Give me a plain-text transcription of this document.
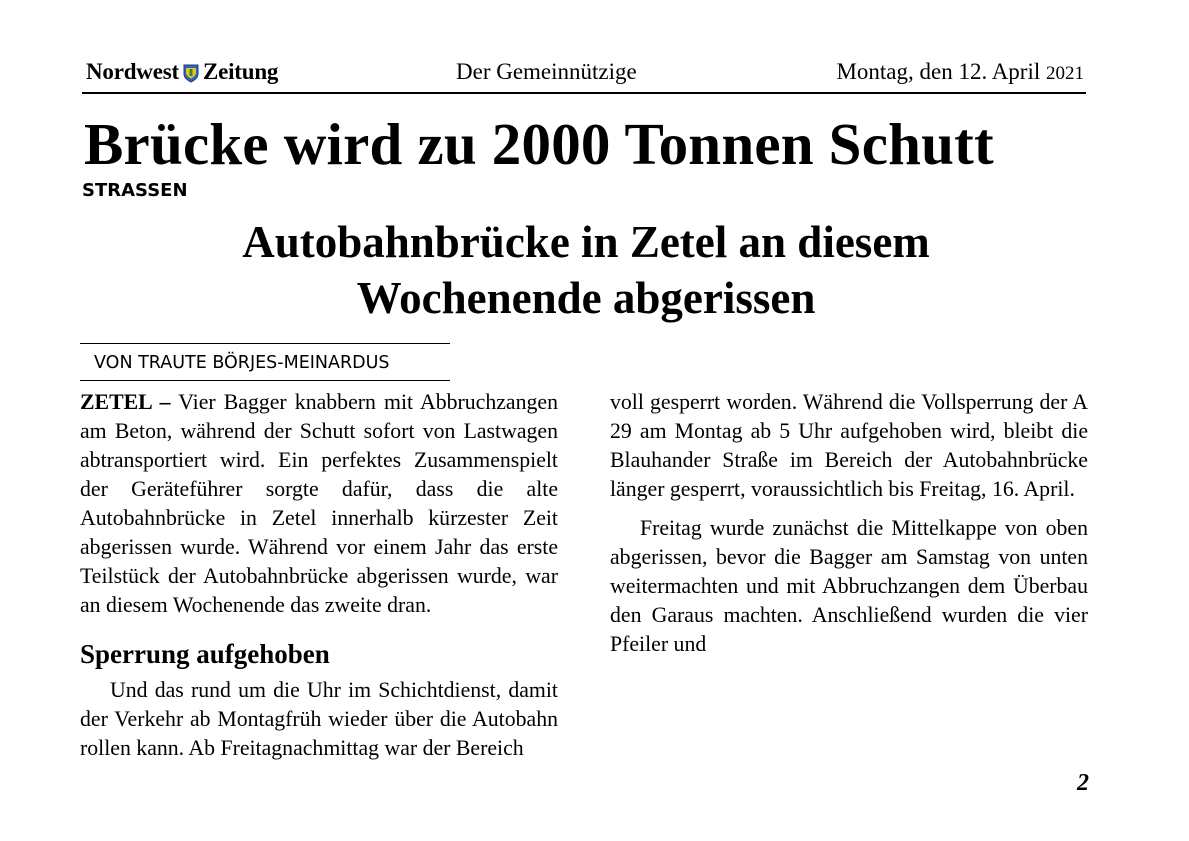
Nordwest Zeitung	Der Gemeinnützige	Montag, den 12. April 2021
Brücke wird zu 2000 Tonnen Schutt
STRASSEN
Autobahnbrücke in Zetel an diesem
Wochenende abgerissen
VON TRAUTE BÖRJES-MEINARDUS

ZETEL – Vier Bagger knabbern mit Abbruchzangen am Beton, während der Schutt sofort von Lastwagen abtransportiert wird. Ein perfektes Zusammenspielt der Geräteführer sorgte dafür, dass die alte Autobahnbrücke in Zetel innerhalb kürzester Zeit abgerissen wurde. Während vor einem Jahr das erste Teilstück der Autobahnbrücke abgerissen wurde, war an diesem Wochenende das zweite dran.

Sperrung aufgehoben

Und das rund um die Uhr im Schichtdienst, damit der Verkehr ab Montagfrüh wieder über die Autobahn rollen kann. Ab Freitagnachmittag war der Bereich

voll gesperrt worden. Während die Vollsperrung der A 29 am Montag ab 5 Uhr aufgehoben wird, bleibt die Blauhander Straße im Bereich der Autobahnbrücke länger gesperrt, voraussichtlich bis Freitag, 16. April.

Freitag wurde zunächst die Mittelkappe von oben abgerissen, bevor die Bagger am Samstag von unten weitermachten und mit Abbruchzangen dem Überbau den Garaus machten. Anschließend wurden die vier Pfeiler und

2
